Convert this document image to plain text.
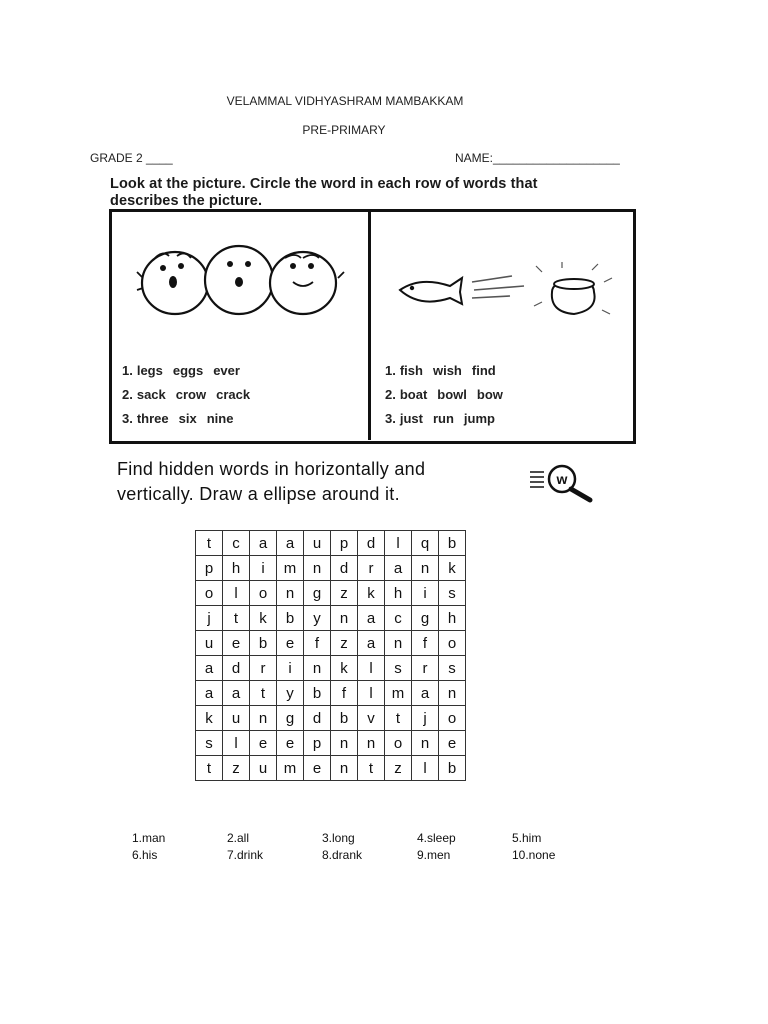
VELAMMAL VIDHYASHRAM MAMBAKKAM
PRE-PRIMARY
GRADE 2 ____	NAME:___________________
Look at the picture. Circle the word in each row of words that
describes the picture.
1. legs eggs ever
2. sack crow crack
3. three six nine
1. fish wish find
2. boat bowl bow
3. just run jump
Find hidden words in horizontally and
vertically. Draw a ellipse around it.
w
t	c	a	a	u	p	d	l	q	b
p	h	i	m	n	d	r	a	n	k
o	l	o	n	g	z	k	h	i	s
j	t	k	b	y	n	a	c	g	h
u	e	b	e	f	z	a	n	f	o
a	d	r	i	n	k	l	s	r	s
a	a	t	y	b	f	l	m	a	n
k	u	n	g	d	b	v	t	j	o
s	l	e	e	p	n	n	o	n	e
t	z	u	m	e	n	t	z	l	b
1.man	2.all	3.long	4.sleep	5.him
6.his	7.drink	8.drank	9.men	10.none
